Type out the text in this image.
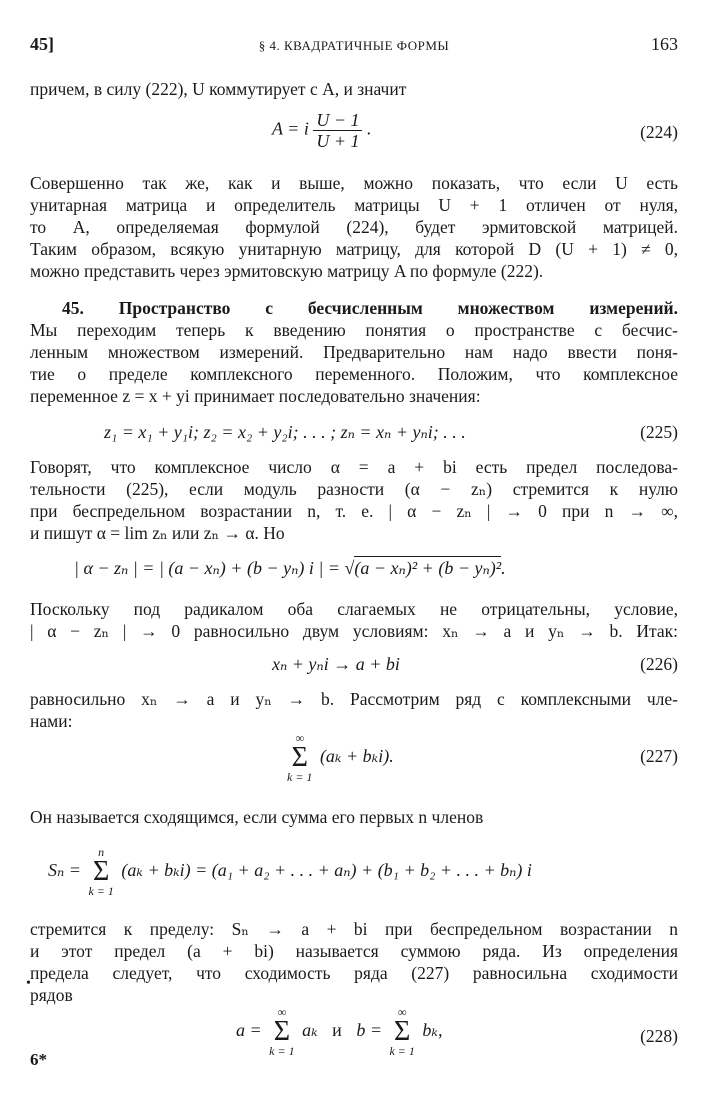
45]	§ 4. КВАДРАТИЧНЫЕ ФОРМЫ	163
причем, в силу (222), U коммутирует с A, и значит
A = i $\frac{U - 1}{U + 1}$ .	(224)
Совершенно так же, как и выше, можно показать, что если U есть
унитарная матрица и определитель матрицы U + 1 отличен от нуля,
то A, определяемая формулой (224), будет эрмитовской матрицей.
Таким образом, всякую унитарную матрицу, для которой D (U + 1) ≠ 0,
можно представить через эрмитовскую матрицу A по формуле (222).
45. Пространство с бесчисленным множеством измерений.
Мы переходим теперь к введению понятия о пространстве с бесчис-
ленным множеством измерений. Предварительно нам надо ввести поня-
тие о пределе комплексного переменного. Положим, что комплексное
переменное z = x + yi принимает последовательно значения:
z₁ = x₁ + y₁i; z₂ = x₂ + y₂i; . . . ; zₙ = xₙ + yₙi; . . .	(225)
Говорят, что комплексное число α = a + bi есть предел последова-
тельности (225), если модуль разности (α − zₙ) стремится к нулю
при беспредельном возрастании n, т. е. | α − zₙ | → 0 при n → ∞,
и пишут α = lim zₙ или zₙ → α. Но
| α − zₙ | = | (a − xₙ) + (b − yₙ) i | = √(a − xₙ)² + (b − yₙ)².
Поскольку под радикалом оба слагаемых не отрицательны, условие,
| α − zₙ | → 0 равносильно двум условиям: xₙ → a и yₙ → b. Итак:
xₙ + yₙi → a + bi	(226)
равносильно xₙ → a и yₙ → b. Рассмотрим ряд с комплексными чле-
нами:
∞
Σ
k = 1
(aₖ + bₖi).	(227)
Он называется сходящимся, если сумма его первых n членов
Sₙ =
n
Σ
k = 1
(aₖ + bₖi) = (a₁ + a₂ + . . . + aₙ) + (b₁ + b₂ + . . . + bₙ) i
стремится к пределу: Sₙ → a + bi при беспредельном возрастании n
и этот предел (a + bi) называется суммою ряда. Из определения
предела следует, что сходимость ряда (227) равносильна сходимости
рядов
•
a =
∞
Σ
k = 1
aₖ и b =
∞
Σ
k = 1
bₖ,	(228)
6*
